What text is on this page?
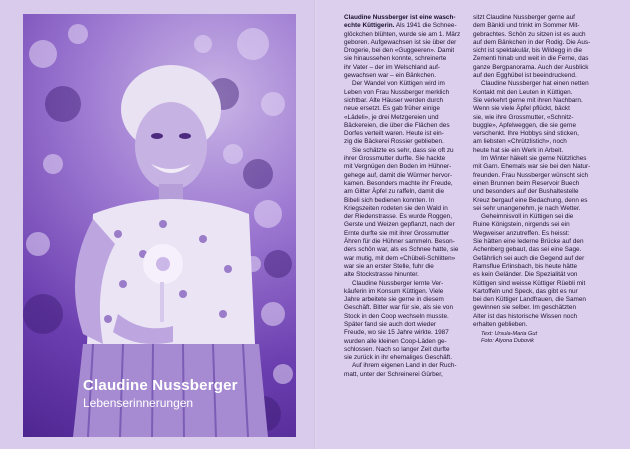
Claudine Nussberger
Lebenserinnerungen

Claudine Nussberger ist eine wasch-
echte Küttigerin. Als 1941 die Schnee-
glöckchen blühten, wurde sie am 1. März
geboren. Aufgewachsen ist sie über der
Drogerie, bei den «Guggeeren». Damit
sie hinaussehen konnte, schreinerte
ihr Vater – der im Welschland auf-
gewachsen war – ein Bänkchen.

Der Wandel von Küttigen wird im
Leben von Frau Nussberger merklich
sichtbar. Alte Häuser werden durch
neue ersetzt. Es gab früher einige
«Lädeli», je drei Metzgereien und
Bäckereien, die über die Flächen des
Dorfes verteilt waren. Heute ist ein-
zig die Bäckerei Rossier geblieben.

Sie schätzte es sehr, dass sie oft zu
ihrer Grossmutter durfte. Sie hackte
mit Vergnügen den Boden im Hühner-
gehege auf, damit die Würmer hervor-
kamen. Besonders machte ihr Freude,
am Gitter Äpfel zu raffeln, damit die
Bibeli sich bedienen konnten. In
Kriegszeiten rodeten sie den Wald in
der Riedenstrasse. Es wurde Roggen,
Gerste und Weizen gepflanzt, nach der
Ernte durfte sie mit ihrer Grossmutter
Ähren für die Hühner sammeln. Beson-
ders schön war, als es Schnee hatte, sie
war mutig, mit dem «Chübeli-Schlitten»
war sie an erster Stelle, fuhr die
alte Stockstrasse hinunter.

Claudine Nussberger lernte Ver-
käuferin im Konsum Küttigen. Viele
Jahre arbeitete sie gerne in diesem
Geschäft. Bitter war für sie, als sie von
Stock in den Coop wechseln musste.
Später fand sie auch dort wieder
Freude, wo sie 15 Jahre wirkte. 1987
wurden alle kleinen Coop-Läden ge-
schlossen. Nach so langer Zeit durfte
sie zurück in ihr ehemaliges Geschäft.

Auf ihrem eigenen Land in der Ruch-
matt, unter der Schreinerei Gürber,

sitzt Claudine Nussberger gerne auf
dem Bänkli und trinkt im Sommer Mit-
gebrachtes. Schön zu sitzen ist es auch
auf dem Bänkchen in der Rodig. Die Aus-
sicht ist spektakulär, bis Wildegg in die
Zementi hinab und weit in die Ferne, das
ganze Bergpanorama. Auch der Ausblick
auf den Egghübel ist beeindruckend.

Claudine Nussberger hat einen netten
Kontakt mit den Leuten in Küttigen.
Sie verkehrt gerne mit ihren Nachbarn.
Wenn sie viele Äpfel pflückt, bäckt
sie, wie ihre Grossmutter, «Schnitz-
buggle», Apfelweggen, die sie gerne
verschenkt. Ihre Hobbys sind sticken,
am liebsten «Chrützlistich», noch
heute hat sie ein Werk in Arbeit.

Im Winter häkelt sie gerne Nützliches
mit Garn. Ehemals war sie bei den Natur-
freunden. Frau Nussberger wünscht sich
einen Brunnen beim Reservoir Buech
und besonders auf der Bushaltestelle
Kreuz bergauf eine Bedachung, denn es
sei sehr unangenehm, je nach Wetter.

Geheimnisvoll in Küttigen sei die
Ruine Königstein, nirgends sei ein
Wegweiser anzutreffen. Es heisst:
Sie hätten eine lederne Brücke auf den
Achenberg gebaut, das sei eine Sage.
Gefährlich sei auch die Gegend auf der
Ramsflue Erlinsbach, bis heute hätte
es kein Geländer. Die Spezialität von
Küttigen sind weisse Küttiger Rüebli mit
Kartoffeln und Speck, das gibt es nur
bei den Küttiger Landfrauen, die Samen
gewinnen sie selber. Im geschätzten
Alter ist das historische Wissen noch
erhalten geblieben.

Text: Ursula-Maria Gut
Foto: Alyona Dubovik
